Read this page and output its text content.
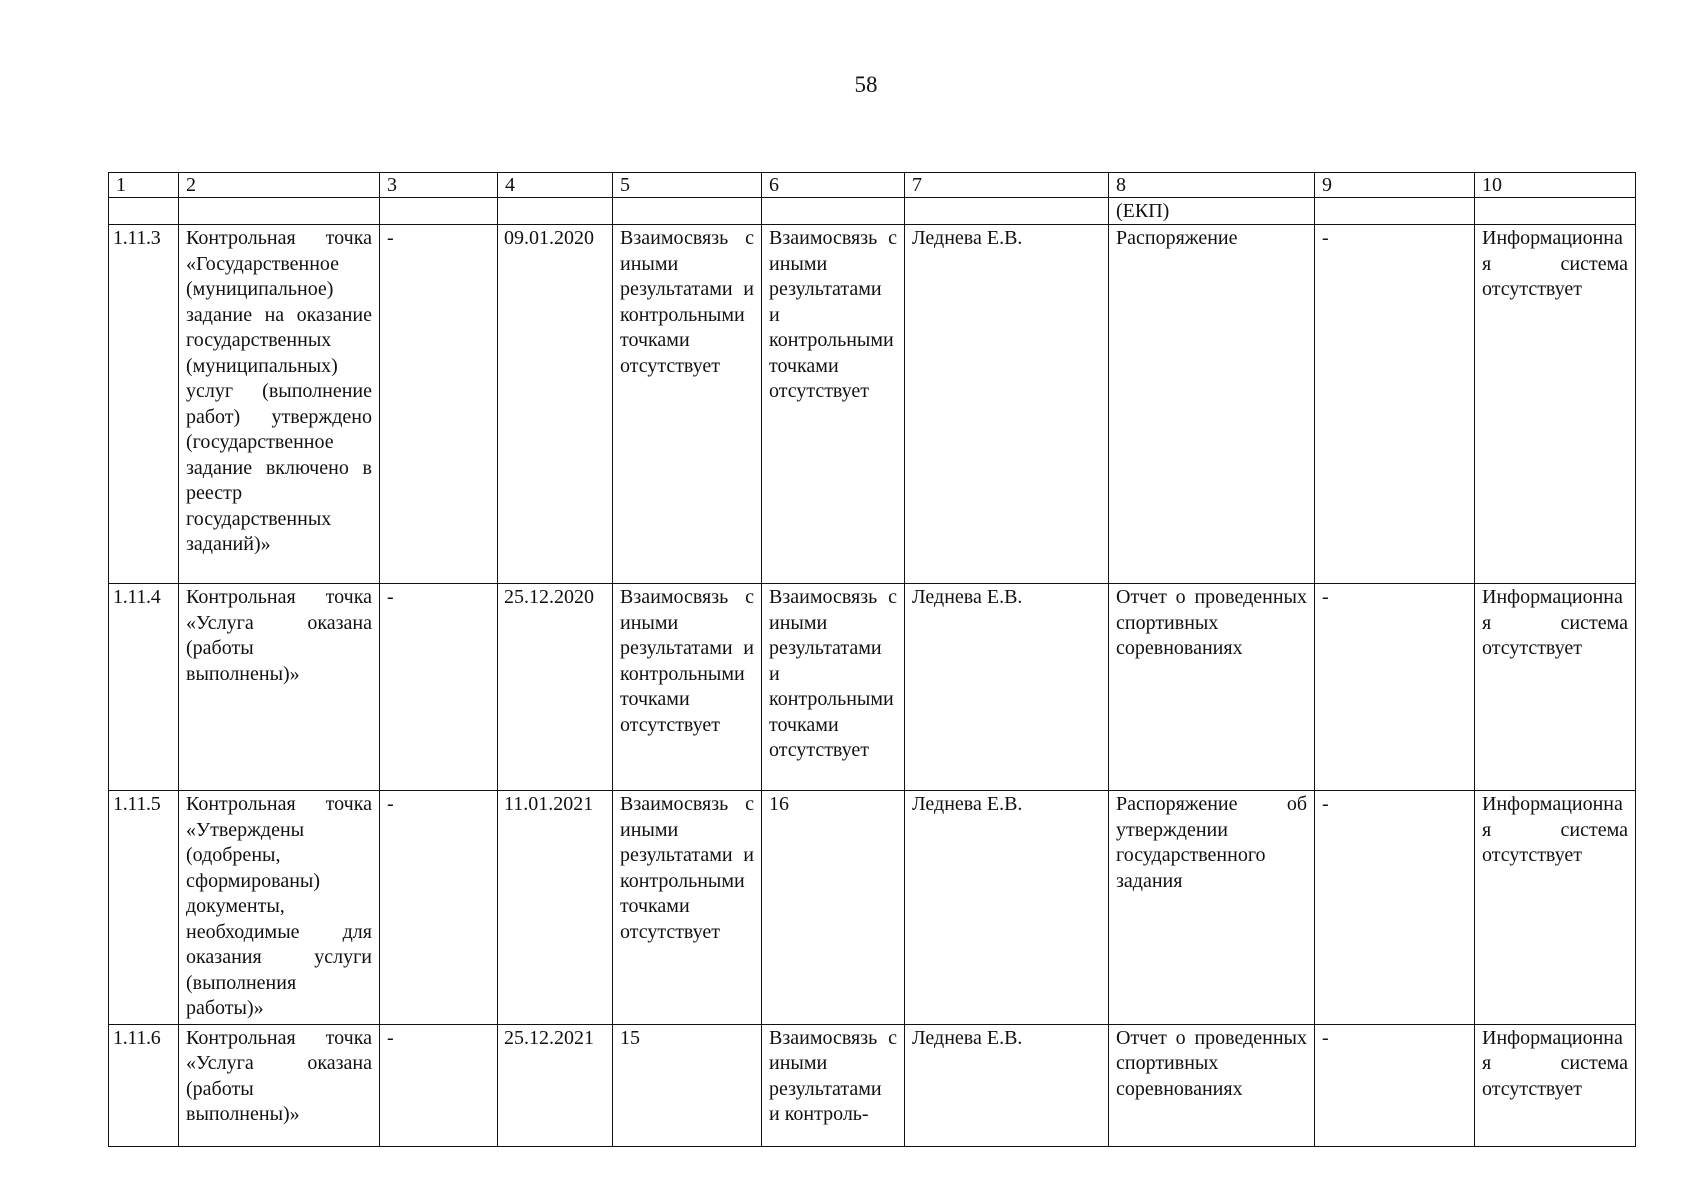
58
1	2	3	4	5	6	7	8	9	10
							(ЕКП)		
1.11.3	Контрольная точка «Государственное (муниципальное) задание на оказание государственных (муниципальных) услуг (выполнение работ) утверждено (государственное задание включено в реестр государственных заданий)»	-	09.01.2020	Взаимосвязь с иными результатами и контрольными точками отсутствует	Взаимосвязь с иными результатами и контрольными точками отсутствует	Леднева Е.В.	Распоряжение	-	Информационная система отсутствует
1.11.4	Контрольная точка «Услуга оказана (работы выполнены)»	-	25.12.2020	Взаимосвязь с иными результатами и контрольными точками отсутствует	Взаимосвязь с иными результатами и контрольными точками отсутствует	Леднева Е.В.	Отчет о проведенных спортивных соревнованиях	-	Информационная система отсутствует
1.11.5	Контрольная точка «Утверждены (одобрены, сформированы) документы, необходимые для оказания услуги (выполнения работы)»	-	11.01.2021	Взаимосвязь с иными результатами и контрольными точками отсутствует	16	Леднева Е.В.	Распоряжение об утверждении государственного задания	-	Информационная система отсутствует
1.11.6	Контрольная точка «Услуга оказана (работы выполнены)»	-	25.12.2021	15	Взаимосвязь с иными результатами и контроль-	Леднева Е.В.	Отчет о проведенных спортивных соревнованиях	-	Информационная система отсутствует
